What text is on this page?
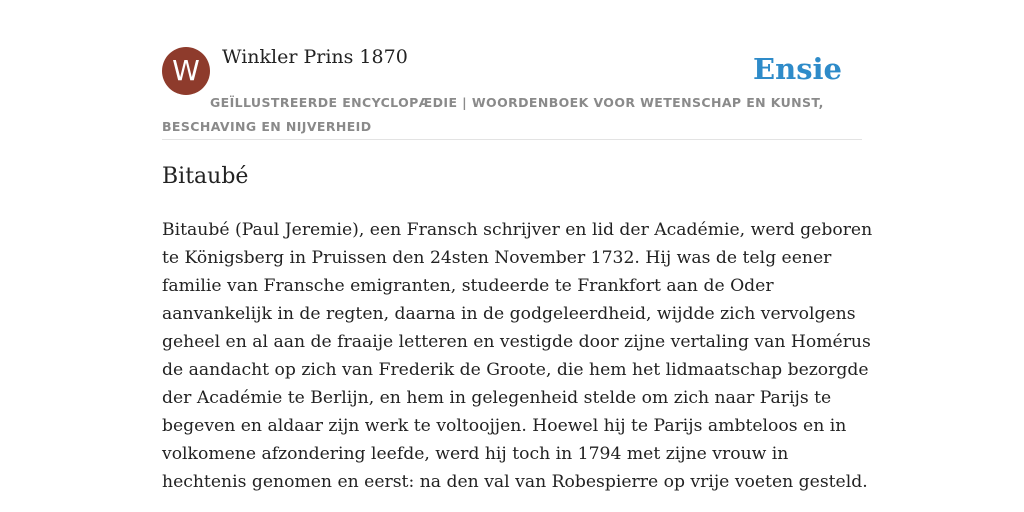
W	Winkler Prins 1870	Ensie
GEÏLLUSTREERDE ENCYCLOPÆDIE | WOORDENBOEK VOOR WETENSCHAP EN KUNST, BESCHAVING EN NIJVERHEID
Bitaubé

Bitaubé (Paul Jeremie), een Fransch schrijver en lid der Académie, werd geboren
te Königsberg in Pruissen den 24sten November 1732. Hij was de telg eener
familie van Fransche emigranten, studeerde te Frankfort aan de Oder
aanvankelijk in de regten, daarna in de godgeleerdheid, wijdde zich vervolgens
geheel en al aan de fraaije letteren en vestigde door zijne vertaling van Homérus
de aandacht op zich van Frederik de Groote, die hem het lidmaatschap bezorgde
der Académie te Berlijn, en hem in gelegenheid stelde om zich naar Parijs te
begeven en aldaar zijn werk te voltoojjen. Hoewel hij te Parijs ambteloos en in
volkomene afzondering leefde, werd hij toch in 1794 met zijne vrouw in
hechtenis genomen en eerst: na den val van Robespierre op vrije voeten gesteld.
